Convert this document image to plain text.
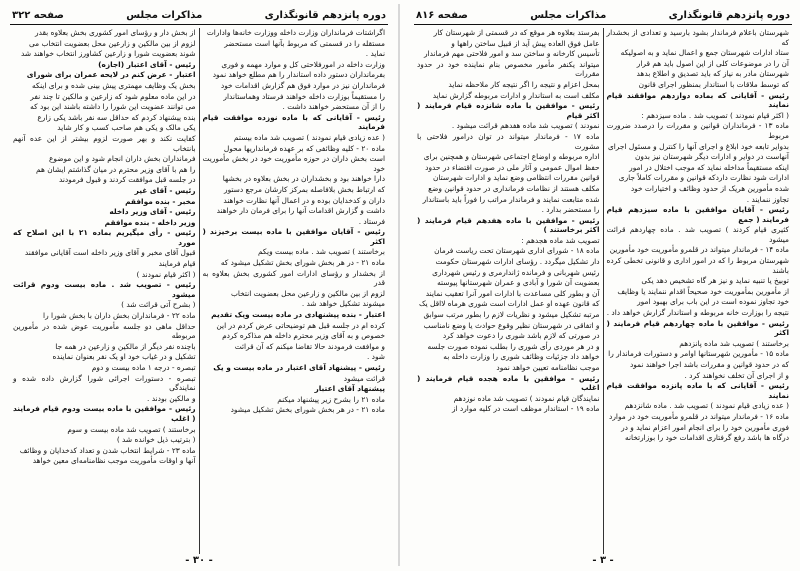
دوره پانزدهم قانونگذاری
مذاکرات مجلس
صفحه ۳۲۲

اگراشتات فرمانداران وزارت داخله ووزارت خانه‌ها وادارات

مستقله را در قسمتی که مربوط بآنها است مستحضر

نماید .

وزارت داخله در امورفلاحتی کل و موارد مهمه و فوری

بفرمانداران دستور داده استاندار را هم مطلع خواهد نمود

فرمانداران نیز در موارد فوق هم گزارش اقدامات خود

را مستقیماً بوزارت داخله خواهند فرستاد وهماستاندار

را از آن مستحضر خواهند داشت .

رئیس - آقایانی که با ماده نوزده موافقت قیام فرمایند

( عده زیادی قیام نمودند ) تصویب شد ماده بیستم

ماده ۲۰ - کلیه وظائفی که بر عهده فرمانداریها محول

است بخش داران در حوزه مأموریت خود در بخش مأموریت خود

دارا خواهند بود و بخشداران در بخش بعلاوه در بخشها

که ارتباط بخش بلافاصله بمرکز کارشان مرجع دستور

داران و کدخدایان بوده و در اعمال آنها نظارت خواهند

داشت و گزارش اقدامات آنها را برای فرمان دار خواهند

فرستاد .

رئیس - آقایان موافقین با ماده بیست برخیزند ( اکثر

برخاستند ) تصویب شد . ماده بیست ویکم

ماده ۲۱ - در هر بخش شورای بخش تشکیل میشود که

از بخشدار و رؤسای ادارات امور کشوری بخش بعلاوه به قدر

لزوم از بین مالکین و زارعین محل بعضویت انتخاب

میشوند تشکیل خواهد شد .

اعتبار - بنده پیشنهادی در ماده بیست ویک تقدیم

کرده ام در جلسه قبل هم توضیحاتی عرض کردم در این

خصوص و به آقای وزیر محترم داخله هم مذاکره کردم

و موافقت فرمودند حالا تقاضا میکنم که آن قرائت

شود .

رئیس - پیشنهاد آقای اعتبار در ماده بیست و یک

قرائت میشود

پیشنهاد آقای اعتبار

ماده ۲۱ را بشرح زیر پیشنهاد میکنم

ماده ۲۱ - در هر بخش شورای بخش تشکیل میشود

از بخش دار و رؤسای امور کشوری بخش بعلاوه بقدر

لزوم از بین مالکین و زارعین محل بعضویت انتخاب می

شوند بعضویت شورا و زارعین کشاورز انتخاب خواهند شد

رئیس - آقای اعتبار (اجازه)

اعتبار - عرض کنم در لایحه عمران برای شورای

بخش یک وظایف مهمتری پیش بینی شده و برای اینکه

در این ماده معلوم شود که زارعین و مالکین تا چند نفر

می توانند عضویت این شورا را داشته باشند این بود که

بنده پیشنهاد کردم که حداقل سه نفر باشد یکی زارع

یکی مالک و یکی هم صاحب کسب و کار شاید

کفایت نکند و بهر صورت لزوم بیشتر از این عده آنهم بانتخاب

فرمانداران بخش داران انجام شود و این موضوع

را هم با آقای وزیر محترم در میان گذاشتم ایشان هم

در جلسه قبل موافقت کردند و قبول فرمودند

رئیس - آقای غیر

مخبر - بنده موافقم

رئیس - آقای وزیر داخله

وزیر داخله - بنده موافقم

رئیس - رأی میگیریم بماده ۲۱ با این اصلاح که مورد

قبول آقای مخبر و آقای وزیر داخله است آقایانی موافقند

قیام فرمایند

( اکثر قیام نمودند )

رئیس - تصویب شد . ماده بیست ودوم قرائت میشود

( بشرح آتی قرائت شد )

ماده ۲۲ - فرمانداران بخش داران با بخش شورا را

حداقل ماهی دو جلسه مأموریت عوض شده در مأمورین مربوطه

باچنده نفر دیگر از مالکین و زارعین در همه جا

تشکیل و در غیاب خود او یک نفر بعنوان نماینده

تبصره - درجه ۱ ماده بیست و دوم

تبصره - دستورات اجرائی شورا گزارش داده شده و نمایندگی

و مالکین بودند .

رئیس - موافقین با ماده بیست ودوم قیام فرمایند ( اغلب

برخاستند ) تصویب شد ماده بیست و سوم

( بترتیب ذیل خوانده شد )

ماده ۲۳ - شرایط انتخاب شدن و تعداد کدخدایان و وظائف

آنها و اوقات مأموریت موجب نظامنامه‌ای معین خواهد

- ۳۰ -
دوره پانزدهم قانونگذاری
مذاکرات مجلس
صفحه ۸۱۶

شهرستان باعلام فرماندار بشود بارسید و تعدادی از بخشدار که

ستاد ادارات شهرستان جمع و اعمال نماید و به اصولیکه

آن را در موضوعات کلی از این اصول باید هم قرار

شهرستان مادر به نیاز که باید تصدیق و اطلاع بدهد

که توسط ملاقات با استاندار بمنظور اجرای قانون

رئیس - آقایانی که بماده دوازدهم موافقند قیام نمایند

( اکثر قیام نمودند ) تصویب شد . ماده سیزدهم :

ماده ۱۳ - فرمانداران قوانین و مقررات را درصدد ضرورت مربوط

بدوایر تابعه خود ابلاغ و اجرای آنها را کنترل و مسئول اجرای

آنهاست در دوایر و ادارات دیگر شهرستان نیز بدون

اینکه مستقیماً مداخله نماید که موجب اختلال در امور

ادارات شود نظارت داردکه قوانین و مقررات کاملاً جاری

شده مأمورین هریک از حدود وظائف و اختیارات خود

تجاوز ننمایند .

رئیس - آقایان موافقین با ماده سیزدهم قیام فرمایند ( جمع

کثیری قیام کردند ) تصویب شد . ماده چهاردهم قرائت میشود

ماده ۱۴ - فرماندار میتواند در قلمرو مأموریت خود مأمورین

شهرستان مربوط را که در امور اداری و قانونی تخطی کرده باشند

توبیخ یا تنبیه نماید و نیز هر گاه تشخیص دهد یکی

از مأمورین بمأموریت خود صحیحاً اقدام ننمایند یا وظایف

خود تجاوز نموده است در این باب برای بهبود امور

نتیجه را بوزارت خانه مربوطه و استاندار گزارش خواهد داد .

رئیس - موافقین با ماده چهاردهم قیام فرمایند ( اکثر

برخاستند ) تصویب شد ماده پانزدهم

ماده ۱۵ - مأمورین شهرستانها اوامر و دستورات فرماندار را

که در حدود قوانین و مقررات باشد اجرا خواهند نمود

و از اجرای آن تخلف نخواهند کرد .

رئیس - آقایانی که با ماده پانزده موافقت قیام نمایند

( عده زیادی قیام نمودند ) تصویب شد . ماده شانزدهم

ماده ۱۶ - فرماندار میتواند در قلمرو مأموریت خود در موارد

فوری مأمورین خود را برای انجام امور اعزام نماید و در

درگاه ها باشد رفع گرفتاری اقدامات خود را بوزارتخانه

بفرستد بعلاوه هر موقع که در قسمتی از شهرستان کار

عامل فوق العاده پیش آید از قبیل ساختن راهها و

تأسیس کارخانه و ساختن سد و امور فلاحتی مهم فرماندار

میتواند یکنفر مأمور مخصوص بنام نماینده خود در حدود مقررات

بمحل اعزام و نتیجه را اگر نتیجه کار ملاحظه نماید

مکلف است به استاندار و ادارات مربوطه گزارش نماید

رئیس - موافقین با ماده شانزده قیام فرمایند ( اکثر قیام

نمودند ) تصویب شد ماده هفدهم قرائت میشود .

ماده ۱۷ - فرماندار میتواند در توان درامور فلاحتی با مشورت

اداره مربوطه و اوضاع اجتماعی شهرستان و همچنین برای

حفظ اموال عمومی و آثار ملی در صورت اقتضاء در حدود

قوانین مقررات انتظامی وضع نماید و ادارات شهرستان

مکلف هستند از نظامات فرمانداری در حدود قوانین وضع

شده متابعت نمایند و فرماندار مراتب را فوراً باید باستاندار

را مستحضر بدارد .

رئیس - موافقین با ماده هفدهم قیام فرمایند ( اکثر برخاستند )

تصویب شد ماده هجدهم :

ماده ۱۸ - شورای اداری شهرستان تحت ریاست فرمان

دار تشکیل میگردد . رؤسای ادارات شهرستان حکومت

رئیس شهربانی و فرمانده ژاندارمری و رئیس شهرداری

بعضویت آن شورا و آبادی و عمران شهرستانها پیوسته

آن و بطور کلی مساعدت با ادارات امور آنرا تعقیب نمایند

که قانون عهده او عمل ادارات است شوری هرماه لااقل یک

مرتبه تشکیل میشود و نظریات لازم را بطور مرتب سوابق

و اتفاقی در شهرستان نظیر وقوع حوادث یا وضع نامناسب

در صورتی که لازم باشد شوری را دعوت خواهد کرد

و در هر موردی رأی شوری را بطلب نموده صورت جلسه

خواهد داد جزئیات وظائف شوری را وزارت داخله به

موجب نظامنامه تعیین خواهد نمود

رئیس - موافقین با ماده هجده قیام فرمایند ( اغلب

نمایندگان قیام نمودند ) تصویب شد ماده نوزدهم

ماده ۱۹ - استاندار موظف است در کلیه موارد از

- ۳ -
